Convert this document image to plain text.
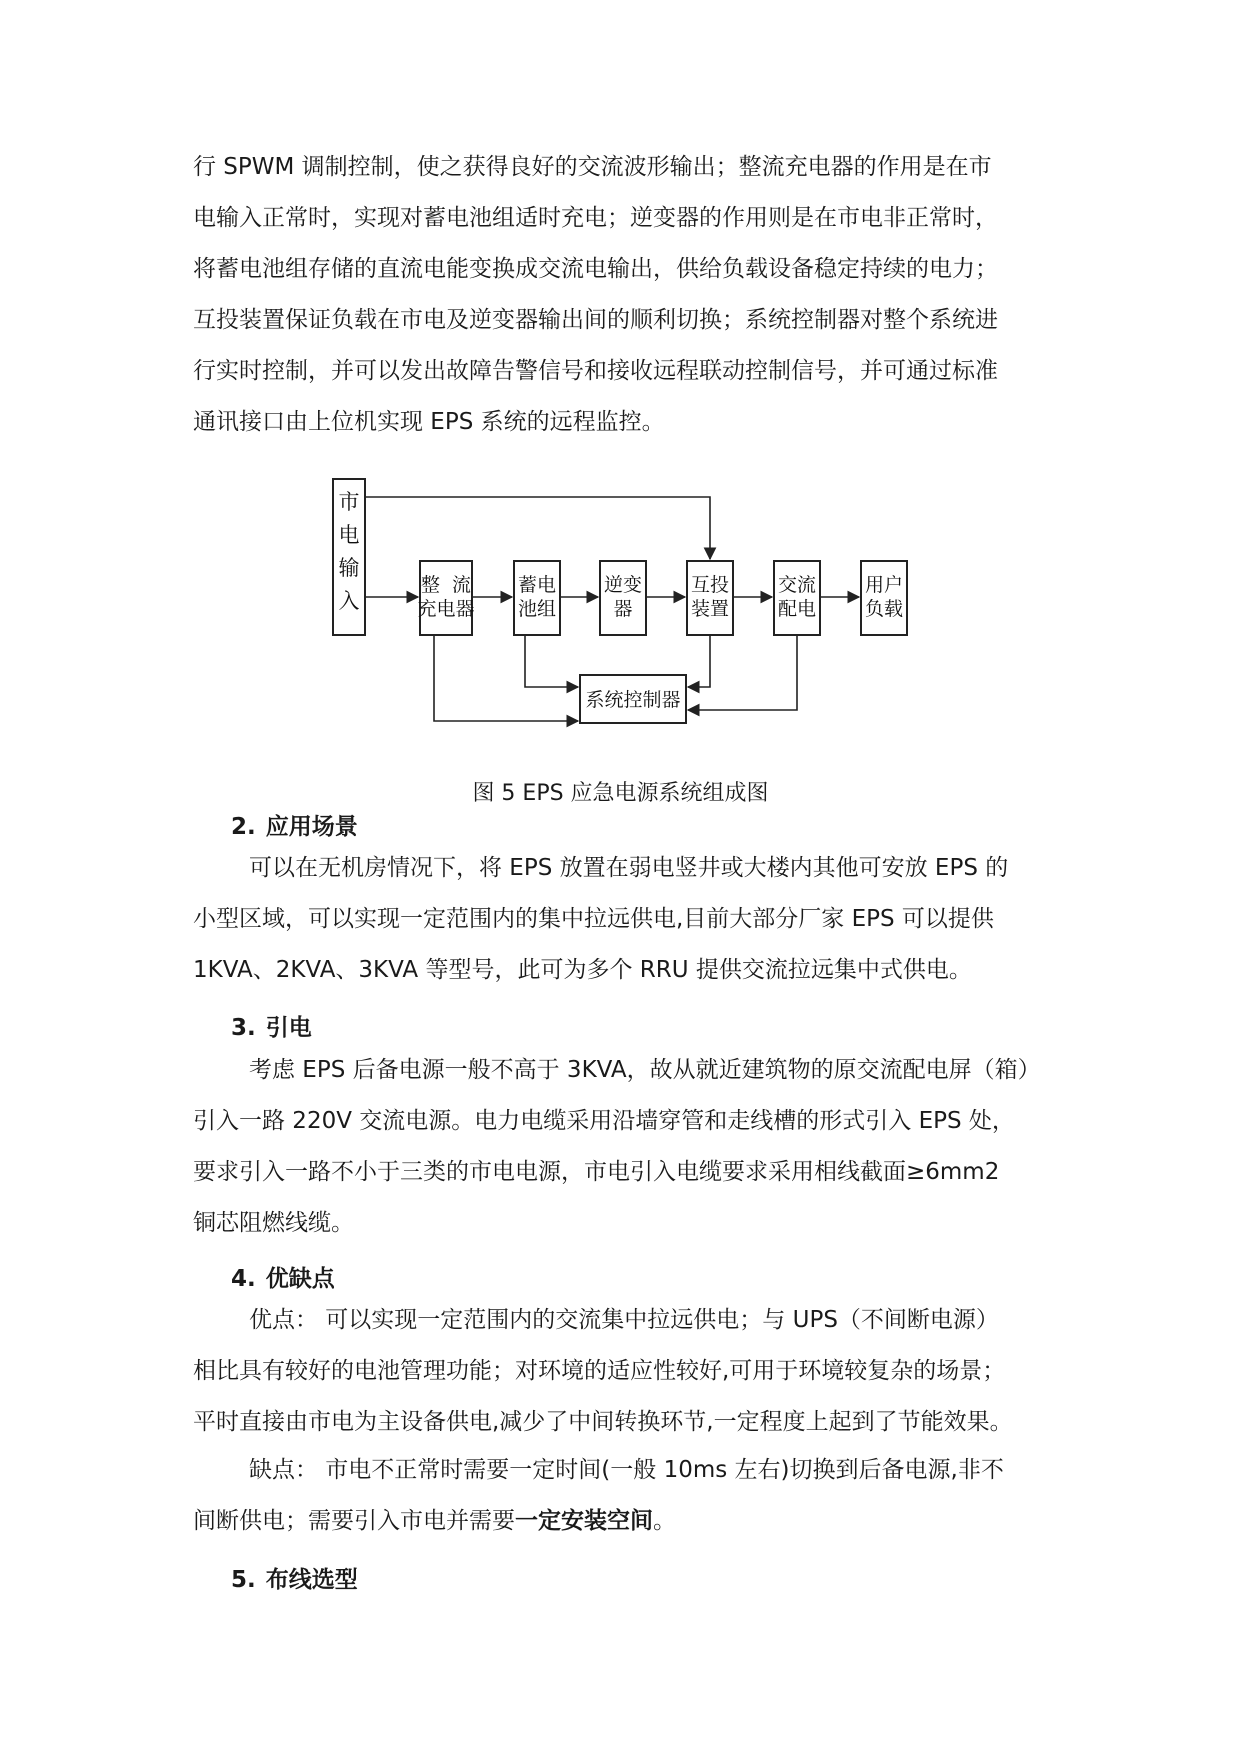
行 SPWM 调制控制，使之获得良好的交流波形输出；整流充电器的作用是在市
电输入正常时，实现对蓄电池组适时充电；逆变器的作用则是在市电非正常时，
将蓄电池组存储的直流电能变换成交流电输出，供给负载设备稳定持续的电力；
互投装置保证负载在市电及逆变器输出间的顺利切换；系统控制器对整个系统进
行实时控制，并可以发出故障告警信号和接收远程联动控制信号，并可通过标准
通讯接口由上位机实现 EPS 系统的远程监控。
市
电
输
入
整  流
充电器
蓄电
池组
逆变
器
互投
装置
交流
配电
用户
负载
系统控制器

图 5 EPS 应急电源系统组成图

2. 应用场景

可以在无机房情况下，将 EPS 放置在弱电竖井或大楼内其他可安放 EPS 的
小型区域，可以实现一定范围内的集中拉远供电,目前大部分厂家 EPS 可以提供
1KVA、2KVA、3KVA 等型号，此可为多个 RRU 提供交流拉远集中式供电。

3. 引电

考虑 EPS 后备电源一般不高于 3KVA，故从就近建筑物的原交流配电屏（箱）
引入一路 220V 交流电源。电力电缆采用沿墙穿管和走线槽的形式引入 EPS 处，
要求引入一路不小于三类的市电电源，市电引入电缆要求采用相线截面≥6mm2
铜芯阻燃线缆。

4. 优缺点

优点： 可以实现一定范围内的交流集中拉远供电；与 UPS（不间断电源）
相比具有较好的电池管理功能；对环境的适应性较好,可用于环境较复杂的场景；
平时直接由市电为主设备供电,减少了中间转换环节,一定程度上起到了节能效果。
缺点： 市电不正常时需要一定时间(一般 10ms 左右)切换到后备电源,非不
间断供电；需要引入市电并需要一定安装空间。

5. 布线选型
